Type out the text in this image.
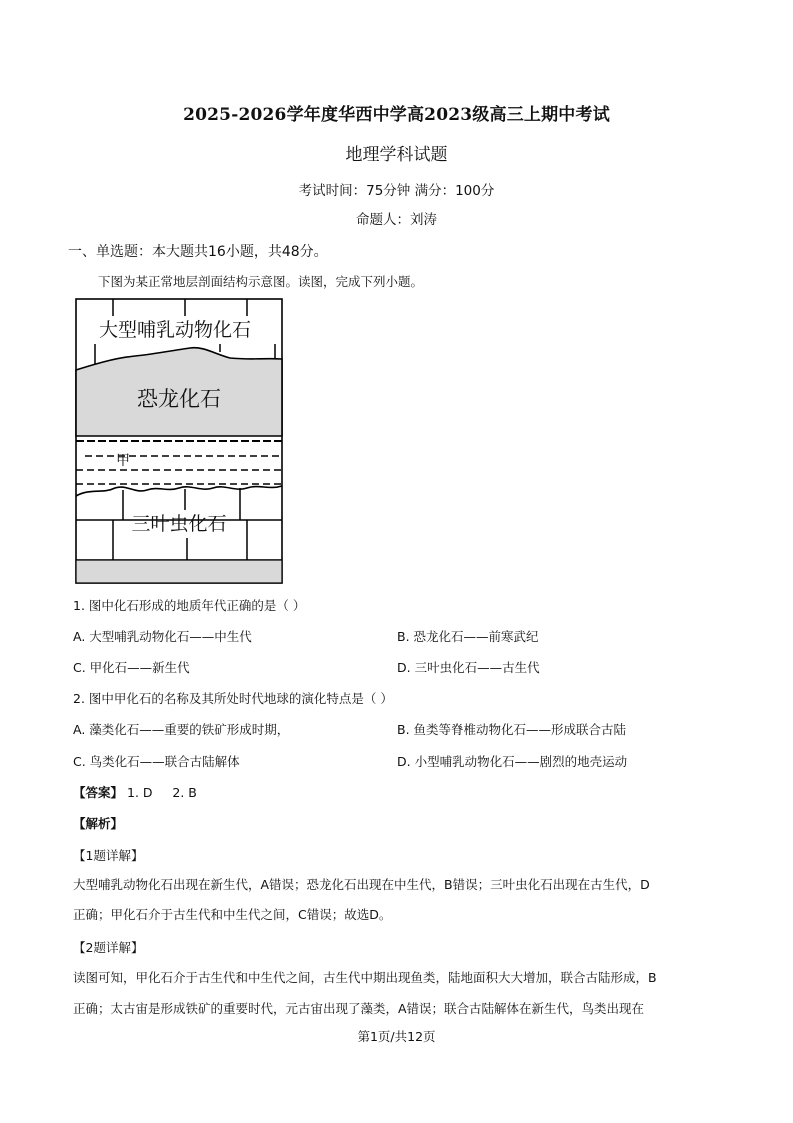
2025-2026学年度华西中学高2023级高三上期中考试
地理学科试题
考试时间：75分钟 满分：100分
命题人：刘涛
一、单选题：本大题共16小题，共48分。
下图为某正常地层剖面结构示意图。读图，完成下列小题。
大型哺乳动物化石
恐龙化石
甲
三叶虫化石
1. 图中化石形成的地质年代正确的是（ ）
A. 大型哺乳动物化石——中生代	B. 恐龙化石——前寒武纪
C. 甲化石——新生代	D. 三叶虫化石——古生代
2. 图中甲化石的名称及其所处时代地球的演化特点是（ ）
A. 藻类化石——重要的铁矿形成时期，	B. 鱼类等脊椎动物化石——形成联合古陆
C. 鸟类化石——联合古陆解体	D. 小型哺乳动物化石——剧烈的地壳运动
【答案】 1. D     2. B
【解析】
【1题详解】
大型哺乳动物化石出现在新生代，A错误；恐龙化石出现在中生代，B错误；三叶虫化石出现在古生代，D
正确；甲化石介于古生代和中生代之间，C错误；故选D。
【2题详解】
读图可知，甲化石介于古生代和中生代之间，古生代中期出现鱼类，陆地面积大大增加，联合古陆形成，B
正确；太古宙是形成铁矿的重要时代，元古宙出现了藻类，A错误；联合古陆解体在新生代，鸟类出现在
第1页/共12页
